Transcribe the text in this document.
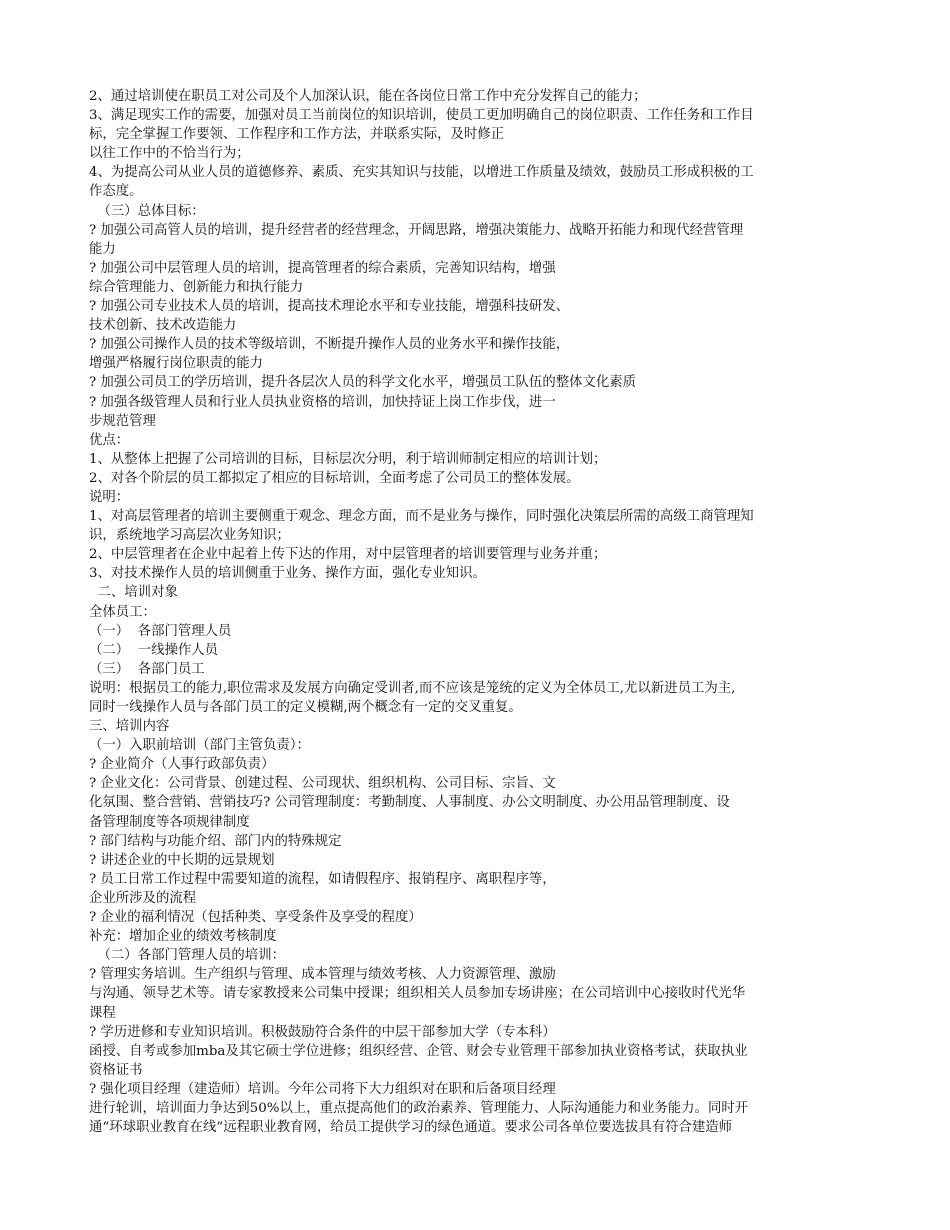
2、通过培训使在职员工对公司及个人加深认识，能在各岗位日常工作中充分发挥自己的能力；
3、满足现实工作的需要，加强对员工当前岗位的知识培训，使员工更加明确自己的岗位职责、工作任务和工作目
标，完全掌握工作要领、工作程序和工作方法，并联系实际，及时修正
以往工作中的不恰当行为；
4、为提高公司从业人员的道德修养、素质、充实其知识与技能，以增进工作质量及绩效，鼓励员工形成积极的工
作态度。
（三）总体目标：
? 加强公司高管人员的培训，提升经营者的经营理念，开阔思路，增强决策能力、战略开拓能力和现代经营管理
能力
? 加强公司中层管理人员的培训，提高管理者的综合素质，完善知识结构，增强
综合管理能力、创新能力和执行能力
? 加强公司专业技术人员的培训，提高技术理论水平和专业技能，增强科技研发、
技术创新、技术改造能力
? 加强公司操作人员的技术等级培训，不断提升操作人员的业务水平和操作技能，
增强严格履行岗位职责的能力
? 加强公司员工的学历培训，提升各层次人员的科学文化水平，增强员工队伍的整体文化素质
? 加强各级管理人员和行业人员执业资格的培训，加快持证上岗工作步伐，进一
步规范管理
优点：
1、从整体上把握了公司培训的目标，目标层次分明，利于培训师制定相应的培训计划；
2、对各个阶层的员工都拟定了相应的目标培训，全面考虑了公司员工的整体发展。
说明：
1、对高层管理者的培训主要侧重于观念、理念方面，而不是业务与操作，同时强化决策层所需的高级工商管理知
识，系统地学习高层次业务知识；
2、中层管理者在企业中起着上传下达的作用，对中层管理者的培训要管理与业务并重；
3、对技术操作人员的培训侧重于业务、操作方面，强化专业知识。
二、培训对象
全体员工：
（一）  各部门管理人员
（二）  一线操作人员
（三）  各部门员工
说明：根据员工的能力,职位需求及发展方向确定受训者,而不应该是笼统的定义为全体员工,尤以新进员工为主,
同时一线操作人员与各部门员工的定义模糊,两个概念有一定的交叉重复。
三、培训内容
（一）入职前培训（部门主管负责）：
? 企业简介（人事行政部负责）
? 企业文化：公司背景、创建过程、公司现状、组织机构、公司目标、宗旨、文
化氛围、整合营销、营销技巧? 公司管理制度：考勤制度、人事制度、办公文明制度、办公用品管理制度、设
备管理制度等各项规律制度
? 部门结构与功能介绍、部门内的特殊规定
? 讲述企业的中长期的远景规划
? 员工日常工作过程中需要知道的流程，如请假程序、报销程序、离职程序等，
企业所涉及的流程
? 企业的福利情况（包括种类、享受条件及享受的程度）
补充：增加企业的绩效考核制度
（二）各部门管理人员的培训：
? 管理实务培训。生产组织与管理、成本管理与绩效考核、人力资源管理、激励
与沟通、领导艺术等。请专家教授来公司集中授课；组织相关人员参加专场讲座；在公司培训中心接收时代光华
课程
? 学历进修和专业知识培训。积极鼓励符合条件的中层干部参加大学（专本科）
函授、自考或参加mba及其它硕士学位进修；组织经营、企管、财会专业管理干部参加执业资格考试，获取执业
资格证书
? 强化项目经理（建造师）培训。今年公司将下大力组织对在职和后备项目经理
进行轮训，培训面力争达到50%以上，重点提高他们的政治素养、管理能力、人际沟通能力和业务能力。同时开
通“环球职业教育在线”远程职业教育网，给员工提供学习的绿色通道。要求公司各单位要选拔具有符合建造师
